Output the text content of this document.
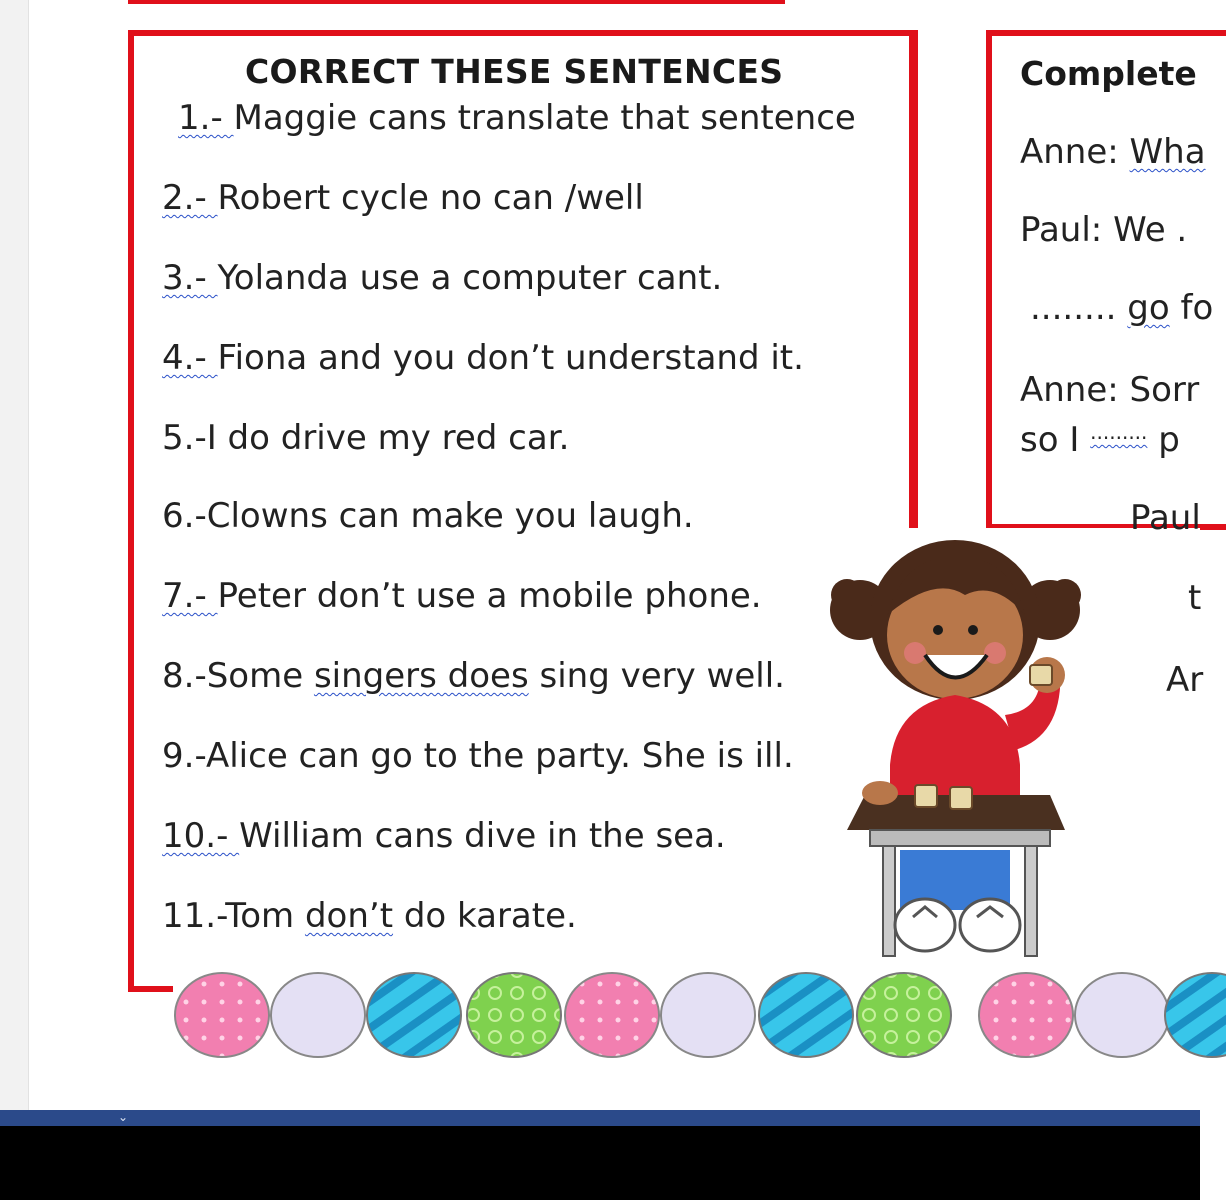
CORRECT THESE SENTENCES
1.- Maggie cans translate that sentence
2.- Robert cycle no can /well
3.- Yolanda use a computer cant.
4.- Fiona and you don’t understand it.
5.-I do drive my red car.
6.-Clowns can make you laugh.
7.- Peter don’t use a mobile phone.
8.-Some singers does sing very well.
9.-Alice can go to the party. She is ill.
10.- William cans dive in the sea.
11.-Tom don’t do karate.
Complete
Anne: Wha
Paul: We .
........ go fo
Anne: Sorr
so I ......... p
Paul
t
Ar
⌄
